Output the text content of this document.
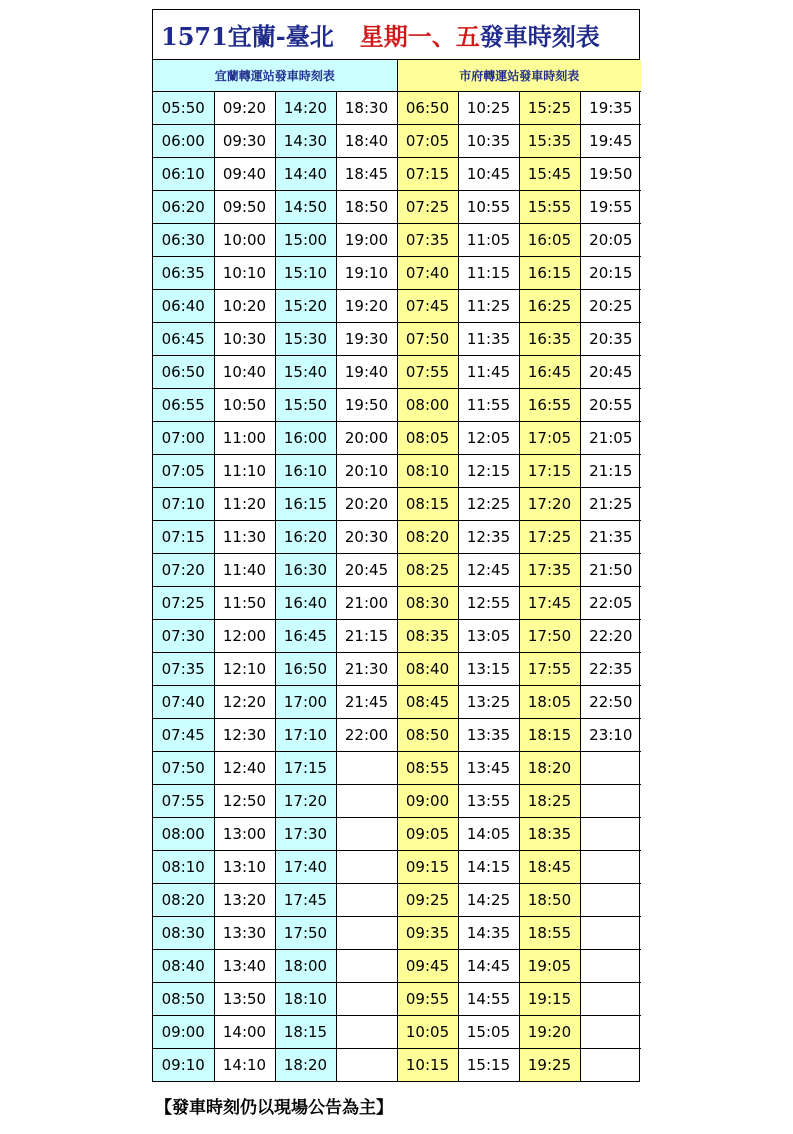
1571宜蘭-臺北 星期一、五 發車時刻表
宜蘭轉運站發車時刻表				市府轉運站發車時刻表			
05:50	09:20	14:20	18:30	06:50	10:25	15:25	19:35
06:00	09:30	14:30	18:40	07:05	10:35	15:35	19:45
06:10	09:40	14:40	18:45	07:15	10:45	15:45	19:50
06:20	09:50	14:50	18:50	07:25	10:55	15:55	19:55
06:30	10:00	15:00	19:00	07:35	11:05	16:05	20:05
06:35	10:10	15:10	19:10	07:40	11:15	16:15	20:15
06:40	10:20	15:20	19:20	07:45	11:25	16:25	20:25
06:45	10:30	15:30	19:30	07:50	11:35	16:35	20:35
06:50	10:40	15:40	19:40	07:55	11:45	16:45	20:45
06:55	10:50	15:50	19:50	08:00	11:55	16:55	20:55
07:00	11:00	16:00	20:00	08:05	12:05	17:05	21:05
07:05	11:10	16:10	20:10	08:10	12:15	17:15	21:15
07:10	11:20	16:15	20:20	08:15	12:25	17:20	21:25
07:15	11:30	16:20	20:30	08:20	12:35	17:25	21:35
07:20	11:40	16:30	20:45	08:25	12:45	17:35	21:50
07:25	11:50	16:40	21:00	08:30	12:55	17:45	22:05
07:30	12:00	16:45	21:15	08:35	13:05	17:50	22:20
07:35	12:10	16:50	21:30	08:40	13:15	17:55	22:35
07:40	12:20	17:00	21:45	08:45	13:25	18:05	22:50
07:45	12:30	17:10	22:00	08:50	13:35	18:15	23:10
07:50	12:40	17:15		08:55	13:45	18:20	
07:55	12:50	17:20		09:00	13:55	18:25	
08:00	13:00	17:30		09:05	14:05	18:35	
08:10	13:10	17:40		09:15	14:15	18:45	
08:20	13:20	17:45		09:25	14:25	18:50	
08:30	13:30	17:50		09:35	14:35	18:55	
08:40	13:40	18:00		09:45	14:45	19:05	
08:50	13:50	18:10		09:55	14:55	19:15	
09:00	14:00	18:15		10:05	15:05	19:20	
09:10	14:10	18:20		10:15	15:15	19:25	
【發車時刻仍以現場公告為主】
